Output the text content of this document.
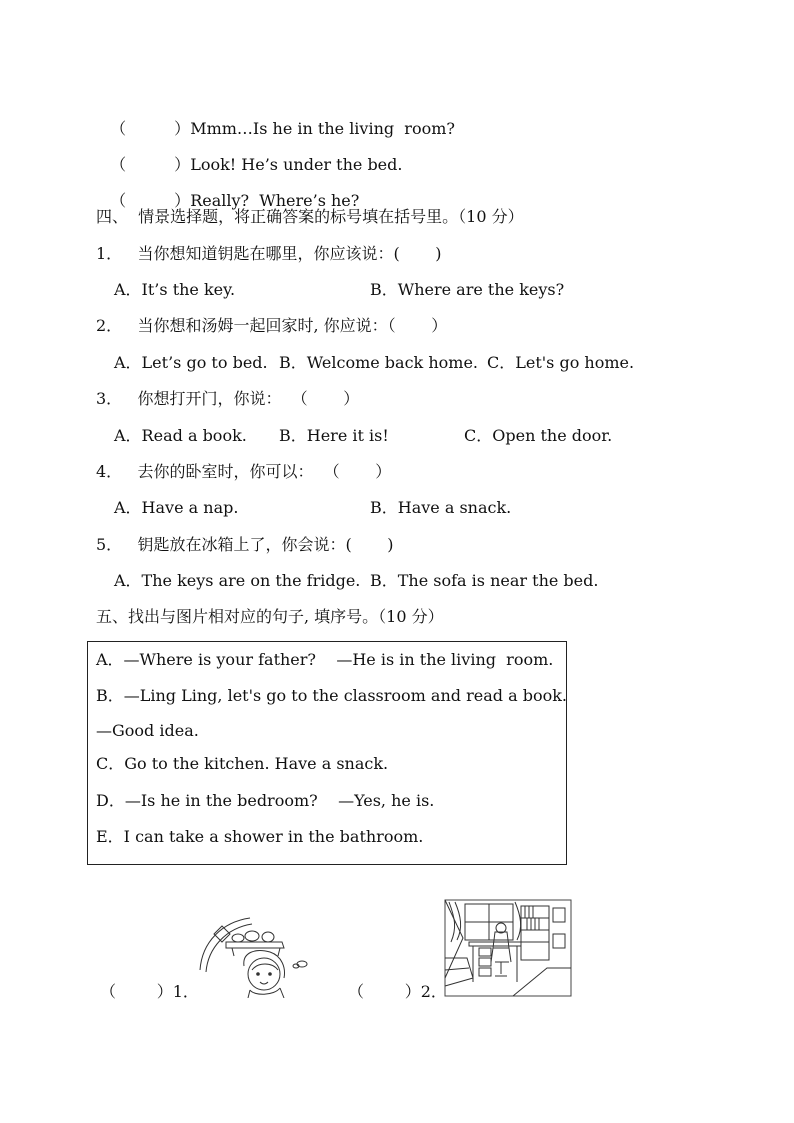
（　　　）Mmm…Is he in the living  room?

（　　　）Look! He’s under the bed.

（　　　）Really?  Where’s he?

四、  情景选择题，将正确答案的标号填在括号里。（10 分）
1．   当你想知道钥匙在哪里，你应该说：(       )
A．It’s the key.	B．Where are the keys?
2．   当你想和汤姆一起回家时, 你应说：（       ）
A．Let’s go to bed. B．Welcome back home. C．Let's go home.
3．   你想打开门，你说：  （       ）
A．Read a book. B．Here it is!	C．Open the door.
4．   去你的卧室时，你可以：  （       ）
A．Have a nap.	B．Have a snack.
5．   钥匙放在冰箱上了，你会说：(       )
A．The keys are on the fridge. B．The sofa is near the bed.
五、找出与图片相对应的句子, 填序号。（10 分）
A．—Where is your father?    —He is in the living  room.
B．—Ling Ling, let's go to the classroom and read a book.
—Good idea.
C．Go to the kitchen. Have a snack.
D．—Is he in the bedroom?    —Yes, he is.
E．I can take a shower in the bathroom.
（        ）1．	（        ）2．
